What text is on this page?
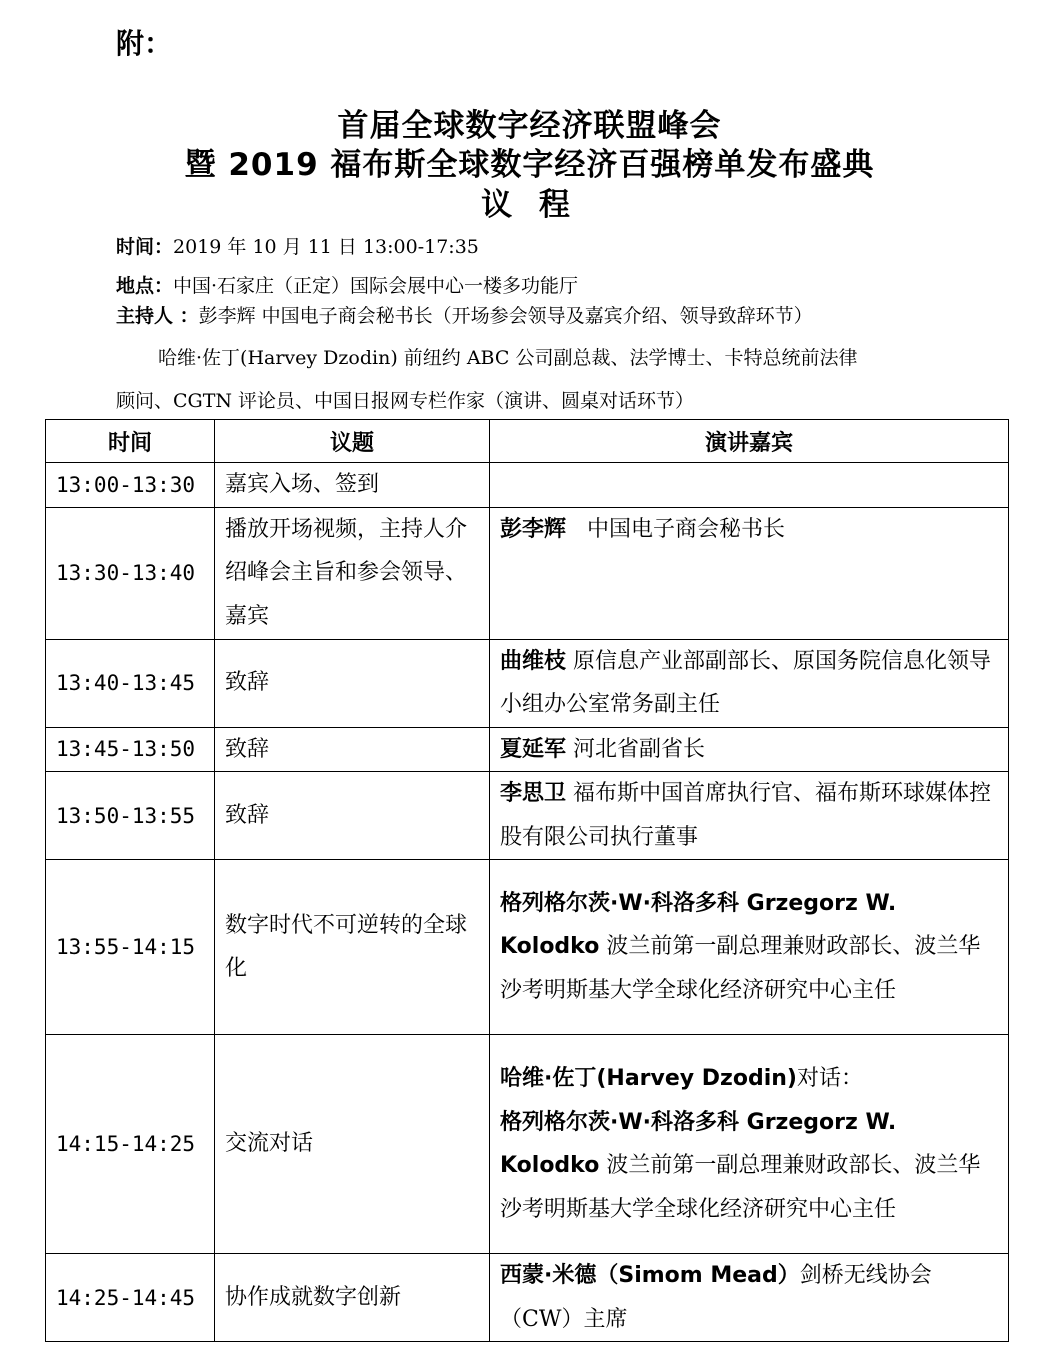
附：
首届全球数字经济联盟峰会
暨 2019 福布斯全球数字经济百强榜单发布盛典
议 程
时间：2019 年 10 月 11 日 13:00-17:35
地点：中国·石家庄（正定）国际会展中心一楼多功能厅
主持人 ：彭李辉 中国电子商会秘书长（开场参会领导及嘉宾介绍、领导致辞环节）
哈维·佐丁(Harvey Dzodin) 前纽约 ABC 公司副总裁、法学博士、卡特总统前法律
顾问、CGTN 评论员、中国日报网专栏作家（演讲、圆桌对话环节）
时间	议题	演讲嘉宾
13:00-13:30	嘉宾入场、签到	
13:30-13:40	播放开场视频，主持人介绍峰会主旨和参会领导、嘉宾	彭李辉   中国电子商会秘书长
13:40-13:45	致辞	曲维枝 原信息产业部副部长、原国务院信息化领导小组办公室常务副主任
13:45-13:50	致辞	夏延军 河北省副省长
13:50-13:55	致辞	李思卫 福布斯中国首席执行官、福布斯环球媒体控股有限公司执行董事
13:55-14:15	数字时代不可逆转的全球化	格列格尔茨·W·科洛多科 Grzegorz W. Kolodko 波兰前第一副总理兼财政部长、波兰华沙考明斯基大学全球化经济研究中心主任
14:15-14:25	交流对话	哈维·佐丁(Harvey Dzodin)对话：
格列格尔茨·W·科洛多科 Grzegorz W. Kolodko 波兰前第一副总理兼财政部长、波兰华沙考明斯基大学全球化经济研究中心主任

14:25-14:45	协作成就数字创新	西蒙·米德（Simom Mead）剑桥无线协会（CW）主席
